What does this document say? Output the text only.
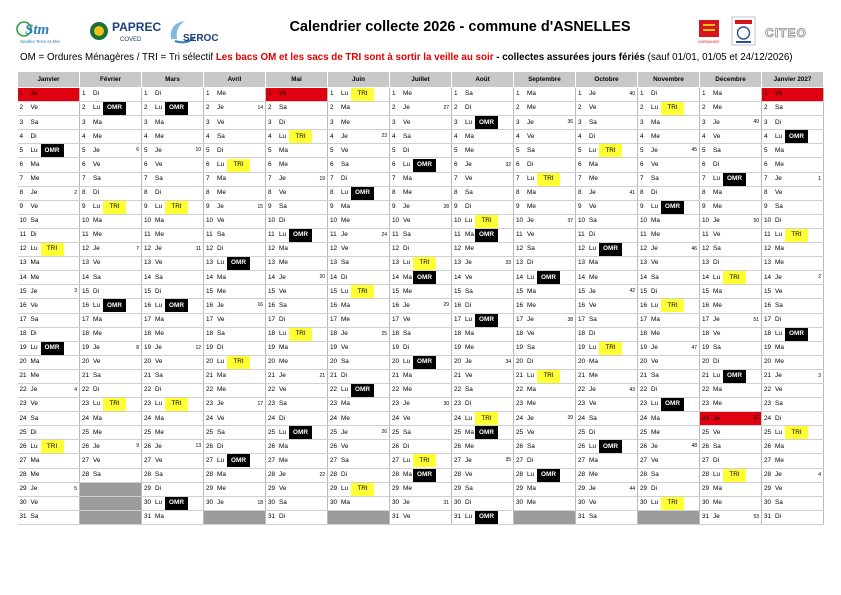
Stm
Seulles Terre et Mer
PAPREC
COVED	SEROC
Calendrier collecte 2026 - commune d'ASNELLES
NORMANDIE
CITEO
OM = Ordures Ménagères / TRI = Tri sélectif Les bacs OM et les sacs de TRI sont à sortir la veille au soir - collectes assurées jours fériés (sauf 01/01, 01/05 et 24/12/2026)
Janvier	Février	Mars	Avril	Mai	Juin	Juillet	Août	Septembre	Octobre	Novembre	Décembre	Janvier 2027

1 Je	1 Di	1 Di	1 Me	1 Ve	1 Lu TRI	1 Me	1 Sa	1 Ma	1 Je 40	1 Di	1 Ma	1 Ve

2 Ve	2 Lu OMR	2 Lu OMR	2 Je 14	2 Sa	2 Ma	2 Je 27	2 Di	2 Me	2 Ve	2 Lu TRI	2 Me	2 Sa

3 Sa	3 Ma	3 Ma	3 Ve	3 Di	3 Me	3 Ve	3 Lu OMR	3 Je 36	3 Sa	3 Ma	3 Je 49	3 Di

4 Di	4 Me	4 Me	4 Sa	4 Lu TRI	4 Je 23	4 Sa	4 Ma	4 Ve	4 Di	4 Me	4 Ve	4 Lu OMR

5 Lu OMR	5 Je 6	5 Je 10	5 Di	5 Ma	5 Ve	5 Di	5 Me	5 Sa	5 Lu TRI	5 Je 45	5 Sa	5 Ma

6 Ma	6 Ve	6 Ve	6 Lu TRI	6 Me	6 Sa	6 Lu OMR	6 Je 32	6 Di	6 Ma	6 Ve	6 Di	6 Me

7 Me	7 Sa	7 Sa	7 Ma	7 Je 19	7 Di	7 Ma	7 Ve	7 Lu TRI	7 Me	7 Sa	7 Lu OMR	7 Je 1

8 Je 2	8 Di	8 Di	8 Me	8 Ve	8 Lu OMR	8 Me	8 Sa	8 Ma	8 Je 41	8 Di	8 Ma	8 Ve

9 Ve	9 Lu TRI	9 Lu TRI	9 Je 15	9 Sa	9 Ma	9 Je 28	9 Di	9 Me	9 Ve	9 Lu OMR	9 Me	9 Sa

10 Sa	10 Ma	10 Ma	10 Ve	10 Di	10 Me	10 Ve	10 Lu TRI	10 Je 37	10 Sa	10 Ma	10 Je 50	10 Di

11 Di	11 Me	11 Me	11 Sa	11 Lu OMR	11 Je 24	11 Sa	11 Ma OMR	11 Ve	11 Di	11 Me	11 Ve	11 Lu TRI

12 Lu TRI	12 Je 7	12 Je 11	12 Di	12 Ma	12 Ve	12 Di	12 Me	12 Sa	12 Lu OMR	12 Je 46	12 Sa	12 Ma

13 Ma	13 Ve	13 Ve	13 Lu OMR	13 Me	13 Sa	13 Lu TRI	13 Je 33	13 Di	13 Ma	13 Ve	13 Di	13 Me

14 Me	14 Sa	14 Sa	14 Ma	14 Je 20	14 Di	14 Ma OMR	14 Ve	14 Lu OMR	14 Me	14 Sa	14 Lu TRI	14 Je 2

15 Je 3	15 Di	15 Di	15 Me	15 Ve	15 Lu TRI	15 Me	15 Sa	15 Ma	15 Je 42	15 Di	15 Ma	15 Ve

16 Ve	16 Lu OMR	16 Lu OMR	16 Je 16	16 Sa	16 Ma	16 Je 29	16 Di	16 Me	16 Ve	16 Lu TRI	16 Me	16 Sa

17 Sa	17 Ma	17 Ma	17 Ve	17 Di	17 Me	17 Ve	17 Lu OMR	17 Je 38	17 Sa	17 Ma	17 Je 51	17 Di

18 Di	18 Me	18 Me	18 Sa	18 Lu TRI	18 Je 25	18 Sa	18 Ma	18 Ve	18 Di	18 Me	18 Ve	18 Lu OMR

19 Lu OMR	19 Je 8	19 Je 12	19 Di	19 Ma	19 Ve	19 Di	19 Me	19 Sa	19 Lu TRI	19 Je 47	19 Sa	19 Ma

20 Ma	20 Ve	20 Ve	20 Lu TRI	20 Me	20 Sa	20 Lu OMR	20 Je 34	20 Di	20 Ma	20 Ve	20 Di	20 Me

21 Me	21 Sa	21 Sa	21 Ma	21 Je 21	21 Di	21 Ma	21 Ve	21 Lu TRI	21 Me	21 Sa	21 Lu OMR	21 Je 3

22 Je 4	22 Di	22 Di	22 Me	22 Ve	22 Lu OMR	22 Me	22 Sa	22 Ma	22 Je 43	22 Di	22 Ma	22 Ve

23 Ve	23 Lu TRI	23 Lu TRI	23 Je 17	23 Sa	23 Ma	23 Je 30	23 Di	23 Me	23 Ve	23 Lu OMR	23 Me	23 Sa

24 Sa	24 Ma	24 Ma	24 Ve	24 Di	24 Me	24 Ve	24 Lu TRI	24 Je 39	24 Sa	24 Ma	24 Je 52	24 Di

25 Di	25 Me	25 Me	25 Sa	25 Lu OMR	25 Je 26	25 Sa	25 Ma OMR	25 Ve	25 Di	25 Me	25 Ve	25 Lu TRI

26 Lu TRI	26 Je 9	26 Je 13	26 Di	26 Ma	26 Ve	26 Di	26 Me	26 Sa	26 Lu OMR	26 Je 48	26 Sa	26 Ma

27 Ma	27 Ve	27 Ve	27 Lu OMR	27 Me	27 Sa	27 Lu TRI	27 Je 35	27 Di	27 Ma	27 Ve	27 Di	27 Me

28 Me	28 Sa	28 Sa	28 Ma	28 Je 22	28 Di	28 Ma OMR	28 Ve	28 Lu OMR	28 Me	28 Sa	28 Lu TRI	28 Je 4

29 Je 5		29 Di	29 Me	29 Ve	29 Lu TRI	29 Me	29 Sa	29 Ma	29 Je 44	29 Di	29 Ma	29 Ve

30 Ve		30 Lu OMR	30 Je 18	30 Sa	30 Ma	30 Je 31	30 Di	30 Me	30 Ve	30 Lu TRI	30 Me	30 Sa

31 Sa		31 Ma		31 Di		31 Ve	31 Lu OMR		31 Sa		31 Je 53	31 Di
